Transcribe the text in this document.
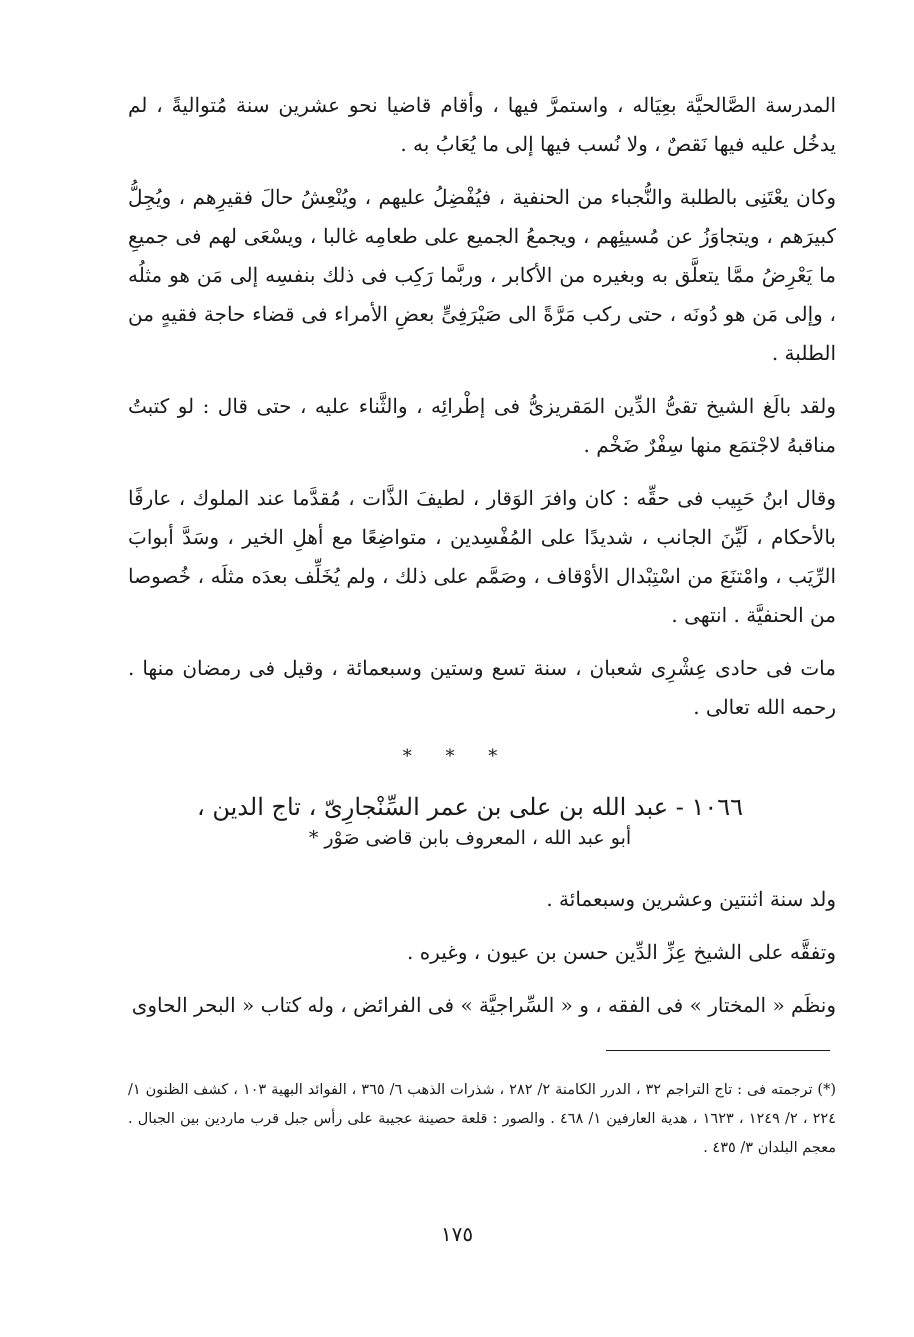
المدرسة الصَّالحيَّة بعِيَاله ، واستمرَّ فيها ، وأقام قاضيا نحو عشرين سنة مُتواليةً ، لم يدخُل عليه فيها نَقصٌ ، ولا نُسب فيها إلى ما يُعَابُ به .

وكان يعْتَنِى بالطلبة والنُّجباء من الحنفية ، فيُفْضِلُ عليهم ، ويُنْعِشُ حالَ فقيرِهم ، ويُجِلُّ كبيرَهم ، ويتجاوَزُ عن مُسيئِهم ، ويجمعُ الجميع على طعامِه غالبا ، ويسْعَى لهم فى جميعِ ما يَعْرِضُ ممَّا يتعلَّق به وبغيره من الأكابر ، وربَّما رَكِب فى ذلك بنفسِه إلى مَن هو مثلُه ، وإلى مَن هو دُونَه ، حتى ركب مَرَّةً الى صَيْرَفِىٍّ بعضِ الأمراء فى قضاء حاجة فقيهٍ من الطلبة .

ولقد بالَغ الشيخ تقىُّ الدِّين المَقريزىُّ فى إطْرائِه ، والثَّناء عليه ، حتى قال : لو كتبتُ مناقبهُ لاجْتمَع منها سِفْرٌ ضَخْم .

وقال ابنُ حَبِيب فى حقِّه : كان وافرَ الوَقار ، لطيفَ الذَّات ، مُقدَّما عند الملوك ، عارفًا بالأحكام ، لَيِّنَ الجانب ، شديدًا على المُفْسِدين ، متواضِعًا مع أهلِ الخير ، وسَدَّ أبوابَ الرِّيَب ، وامْتنَعَ من اسْتِبْدال الأوْقاف ، وصَمَّم على ذلك ، ولم يُخَلِّف بعدَه مثلَه ، خُصوصا من الحنفيَّة . انتهى .

مات فى حادى عِشْرِى شعبان ، سنة تسع وستين وسبعمائة ، وقيل فى رمضان منها . رحمه الله تعالى .

* * *
١٠٦٦ - عبد الله بن على بن عمر السِّنْجارِىّ ، تاج الدين ،
أبو عبد الله ، المعروف بابن قاضى صَوْر *

ولد سنة اثنتين وعشرين وسبعمائة .

وتفقَّه على الشيخ عِزِّ الدِّين حسن بن عيون ، وغيره .

ونظَم « المختار » فى الفقه ، و « السِّراجيَّة » فى الفرائض ، وله كتاب « البحر الحاوى

(*) ترجمته فى : تاج التراجم ٣٢ ، الدرر الكامنة ٢/ ٢٨٢ ، شذرات الذهب ٦/ ٣٦٥ ، الفوائد البهية ١٠٣ ، كشف الظنون ١/ ٢٢٤ ، ٢/ ١٢٤٩ ، ١٦٢٣ ، هدية العارفين ١/ ٤٦٨ . والصور : قلعة حصينة عجيبة على رأس جبل قرب ماردين بين الجبال . معجم البلدان ٣/ ٤٣٥ .
١٧٥
